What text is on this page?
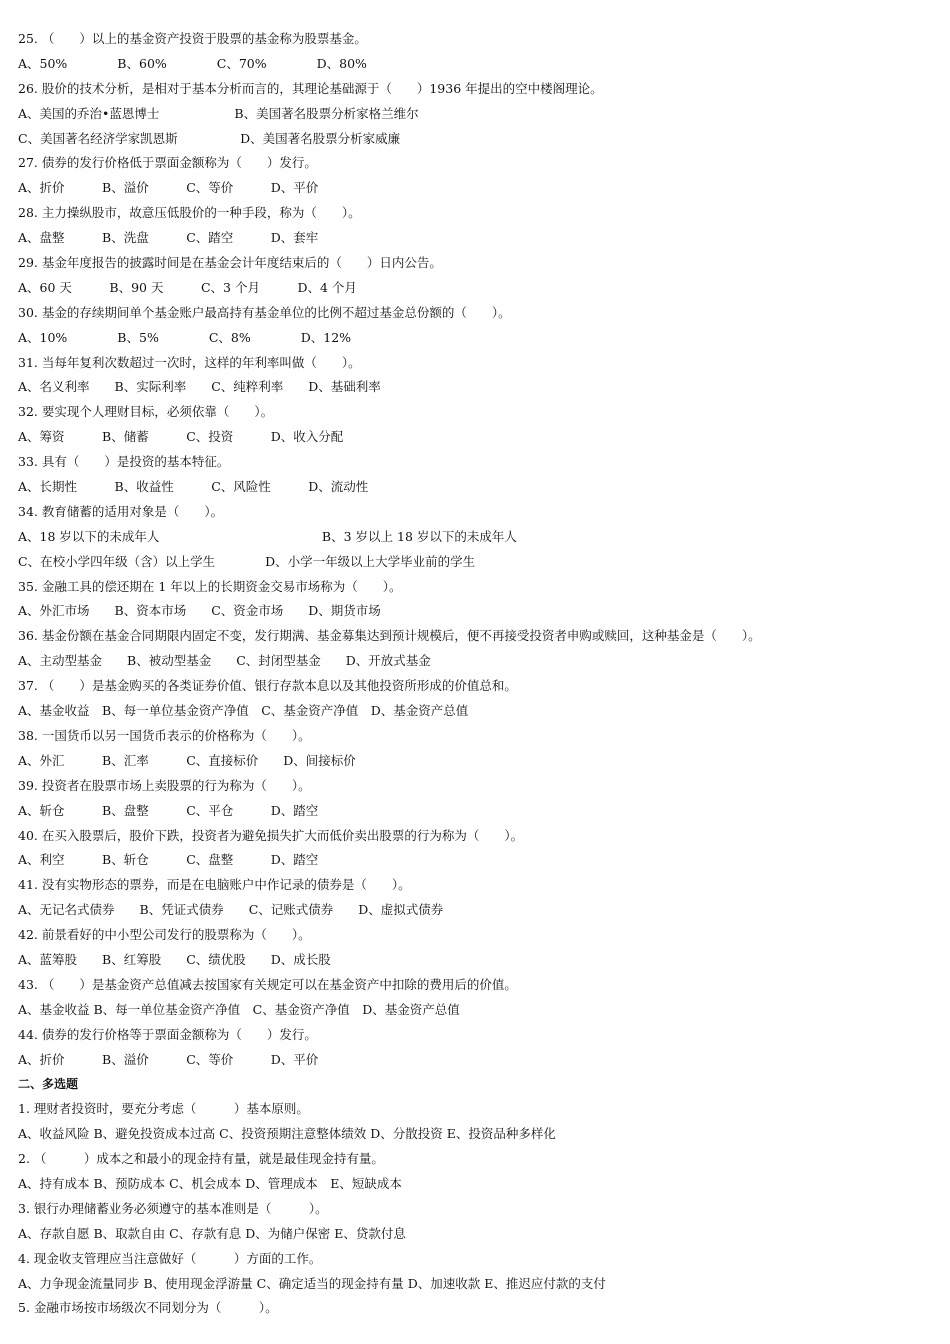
25. （　　）以上的基金资产投资于股票的基金称为股票基金。
A、50%　　　　B、60%　　　　C、70%　　　　D、80%
26. 股价的技术分析，是相对于基本分析而言的，其理论基础源于（　　）1936 年提出的空中楼阁理论。
A、美国的乔治•蓝恩博士　　　　　　B、美国著名股票分析家格兰维尔
C、美国著名经济学家凯恩斯　　　　　D、美国著名股票分析家威廉
27. 债券的发行价格低于票面金额称为（　　）发行。
A、折价　　　B、溢价　　　C、等价　　　D、平价
28. 主力操纵股市，故意压低股价的一种手段，称为（　　）。
A、盘整　　　B、洗盘　　　C、踏空　　　D、套牢
29. 基金年度报告的披露时间是在基金会计年度结束后的（　　）日内公告。
A、60 天　　　B、90 天　　　C、3 个月　　　D、4 个月
30. 基金的存续期间单个基金账户最高持有基金单位的比例不超过基金总份额的（　　）。
A、10%　　　　B、5%　　　　C、8%　　　　D、12%
31. 当每年复利次数超过一次时，这样的年利率叫做（　　）。
A、名义利率　　B、实际利率　　C、纯粹利率　　D、基础利率
32. 要实现个人理财目标，必须依靠（　　）。
A、筹资　　　B、储蓄　　　C、投资　　　D、收入分配
33. 具有（　　）是投资的基本特征。
A、长期性　　　B、收益性　　　C、风险性　　　D、流动性
34. 教育储蓄的适用对象是（　　）。
A、18 岁以下的未成年人　　　　　　　　　　　　　B、3 岁以上 18 岁以下的未成年人
C、在校小学四年级（含）以上学生　　　　D、小学一年级以上大学毕业前的学生
35. 金融工具的偿还期在 1 年以上的长期资金交易市场称为（　　）。
A、外汇市场　　B、资本市场　　C、资金市场　　D、期货市场
36. 基金份额在基金合同期限内固定不变，发行期满、基金募集达到预计规模后，便不再接受投资者申购或赎回，这种基金是（　　）。
A、主动型基金　　B、被动型基金　　C、封闭型基金　　D、开放式基金
37. （　　）是基金购买的各类证券价值、银行存款本息以及其他投资所形成的价值总和。
A、基金收益　B、每一单位基金资产净值　C、基金资产净值　D、基金资产总值
38. 一国货币以另一国货币表示的价格称为（　　）。
A、外汇　　　B、汇率　　　C、直接标价　　D、间接标价
39. 投资者在股票市场上卖股票的行为称为（　　）。
A、斩仓　　　B、盘整　　　C、平仓　　　D、踏空
40. 在买入股票后，股价下跌，投资者为避免损失扩大而低价卖出股票的行为称为（　　）。
A、利空　　　B、斩仓　　　C、盘整　　　D、踏空
41. 没有实物形态的票券，而是在电脑账户中作记录的债券是（　　）。
A、无记名式债券　　B、凭证式债券　　C、记账式债券　　D、虚拟式债券
42. 前景看好的中小型公司发行的股票称为（　　）。
A、蓝筹股　　B、红筹股　　C、绩优股　　D、成长股
43. （　　）是基金资产总值减去按国家有关规定可以在基金资产中扣除的费用后的价值。
A、基金收益 B、每一单位基金资产净值　C、基金资产净值　D、基金资产总值
44. 债券的发行价格等于票面金额称为（　　）发行。
A、折价　　　B、溢价　　　C、等价　　　D、平价
二、多选题
1. 理财者投资时，要充分考虑（　　　）基本原则。
A、收益风险 B、避免投资成本过高 C、投资预期注意整体绩效 D、分散投资 E、投资品种多样化
2. （　　　）成本之和最小的现金持有量，就是最佳现金持有量。
A、持有成本 B、预防成本 C、机会成本 D、管理成本　E、短缺成本
3. 银行办理储蓄业务必须遵守的基本准则是（　　　）。
A、存款自愿 B、取款自由 C、存款有息 D、为储户保密 E、贷款付息
4. 现金收支管理应当注意做好（　　　）方面的工作。
A、力争现金流量同步 B、使用现金浮游量 C、确定适当的现金持有量 D、加速收款 E、推迟应付款的支付
5. 金融市场按市场级次不同划分为（　　　）。
